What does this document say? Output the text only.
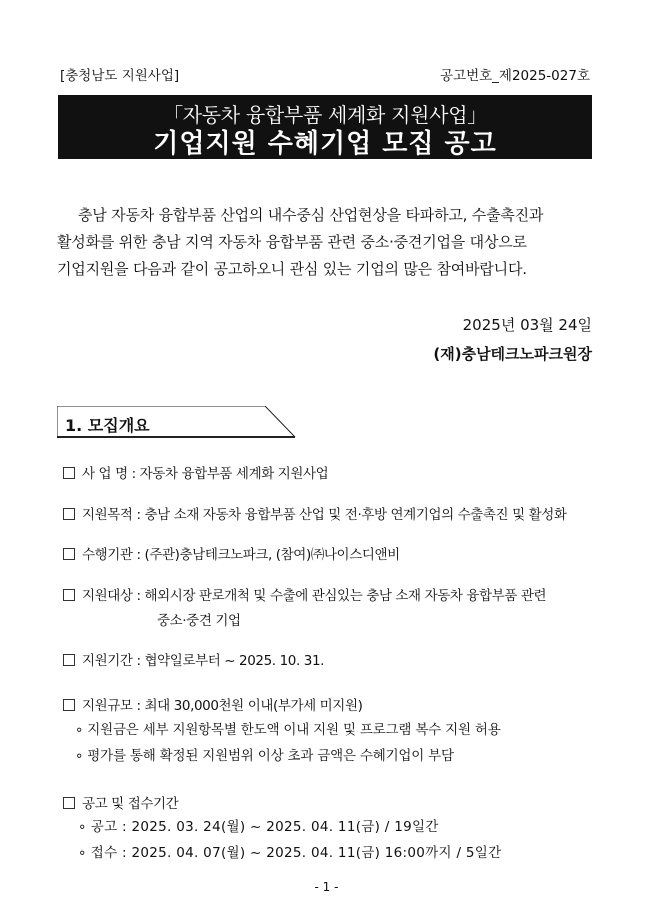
[충청남도 지원사업]	공고번호_제2025-027호
「자동차 융합부품 세계화 지원사업」
기업지원 수혜기업 모집 공고
충남 자동차 융합부품 산업의 내수중심 산업현상을 타파하고, 수출촉진과
활성화를 위한 충남 지역 자동차 융합부품 관련 중소·중견기업을 대상으로
기업지원을 다음과 같이 공고하오니 관심 있는 기업의 많은 참여바랍니다.
2025년 03월 24일
(재)충남테크노파크원장
1. 모집개요
사 업 명 : 자동차 융합부품 세계화 지원사업
지원목적 : 충남 소재 자동차 융합부품 산업 및 전·후방 연계기업의 수출촉진 및 활성화
수행기관 : (주관)충남테크노파크, (참여)㈜나이스디앤비
지원대상 : 해외시장 판로개척 및 수출에 관심있는 충남 소재 자동차 융합부품 관련
중소·중견 기업
지원기간 : 협약일로부터 ~ 2025. 10. 31.
지원규모 : 최대 30,000천원 이내(부가세 미지원)
∘ 지원금은 세부 지원항목별 한도액 이내 지원 및 프로그램 복수 지원 허용
∘ 평가를 통해 확정된 지원범위 이상 초과 금액은 수혜기업이 부담
공고 및 접수기간
∘ 공고 : 2025. 03. 24(월) ~ 2025. 04. 11(금) / 19일간
∘ 접수 : 2025. 04. 07(월) ~ 2025. 04. 11(금) 16:00까지 / 5일간
- 1 -
